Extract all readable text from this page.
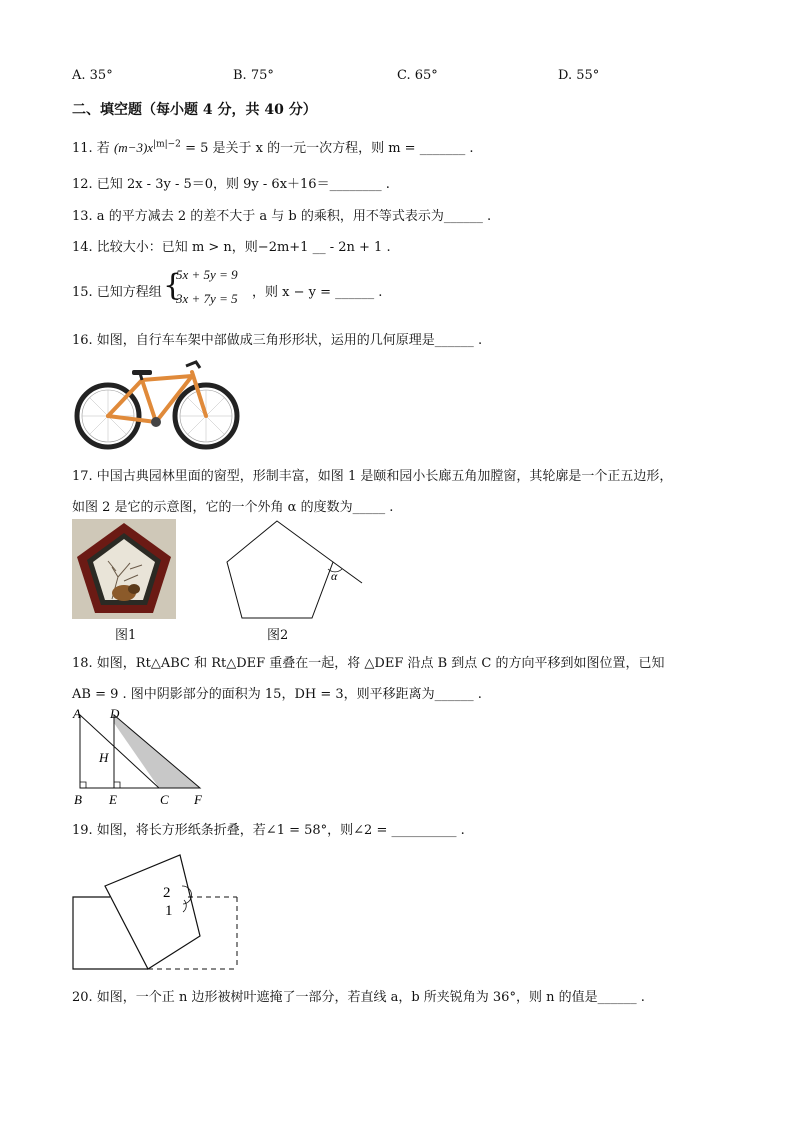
A. 35°	B. 75°	C. 65°	D. 55°
二、填空题（每小题 4 分，共 40 分）
11. 若 $(m-3)x^{|m|-2} = 5$ 是关于 x 的一元一次方程，则 m = _______ .
12. 已知 2x - 3y - 5＝0，则 9y - 6x＋16＝________ .
13. a 的平方减去 2 的差不大于 a 与 b 的乘积，用不等式表示为______ .
14. 比较大小：已知 m > n，则−2m+1 __ - 2n + 1 .
15. 已知方程组 {
5x + 5y = 9
3x + 7y = 5 ，则 x − y = ______ .
16. 如图，自行车车架中部做成三角形形状，运用的几何原理是______ .
17. 中国古典园林里面的窗型，形制丰富，如图 1 是颐和园小长廊五角加膛窗，其轮廓是一个正五边形，
如图 2 是它的示意图，它的一个外角 α 的度数为_____ .
图1
α
图2
18. 如图，Rt△ABC 和 Rt△DEF 重叠在一起，将 △DEF 沿点 B 到点 C 的方向平移到如图位置，已知
AB = 9 . 图中阴影部分的面积为 15，DH = 3，则平移距离为______ .
A D
H
B E	C F
19. 如图，将长方形纸条折叠，若∠1 = 58°，则∠2 = __________ .
2
1
20. 如图，一个正 n 边形被树叶遮掩了一部分，若直线 a，b 所夹锐角为 36°，则 n 的值是______ .
